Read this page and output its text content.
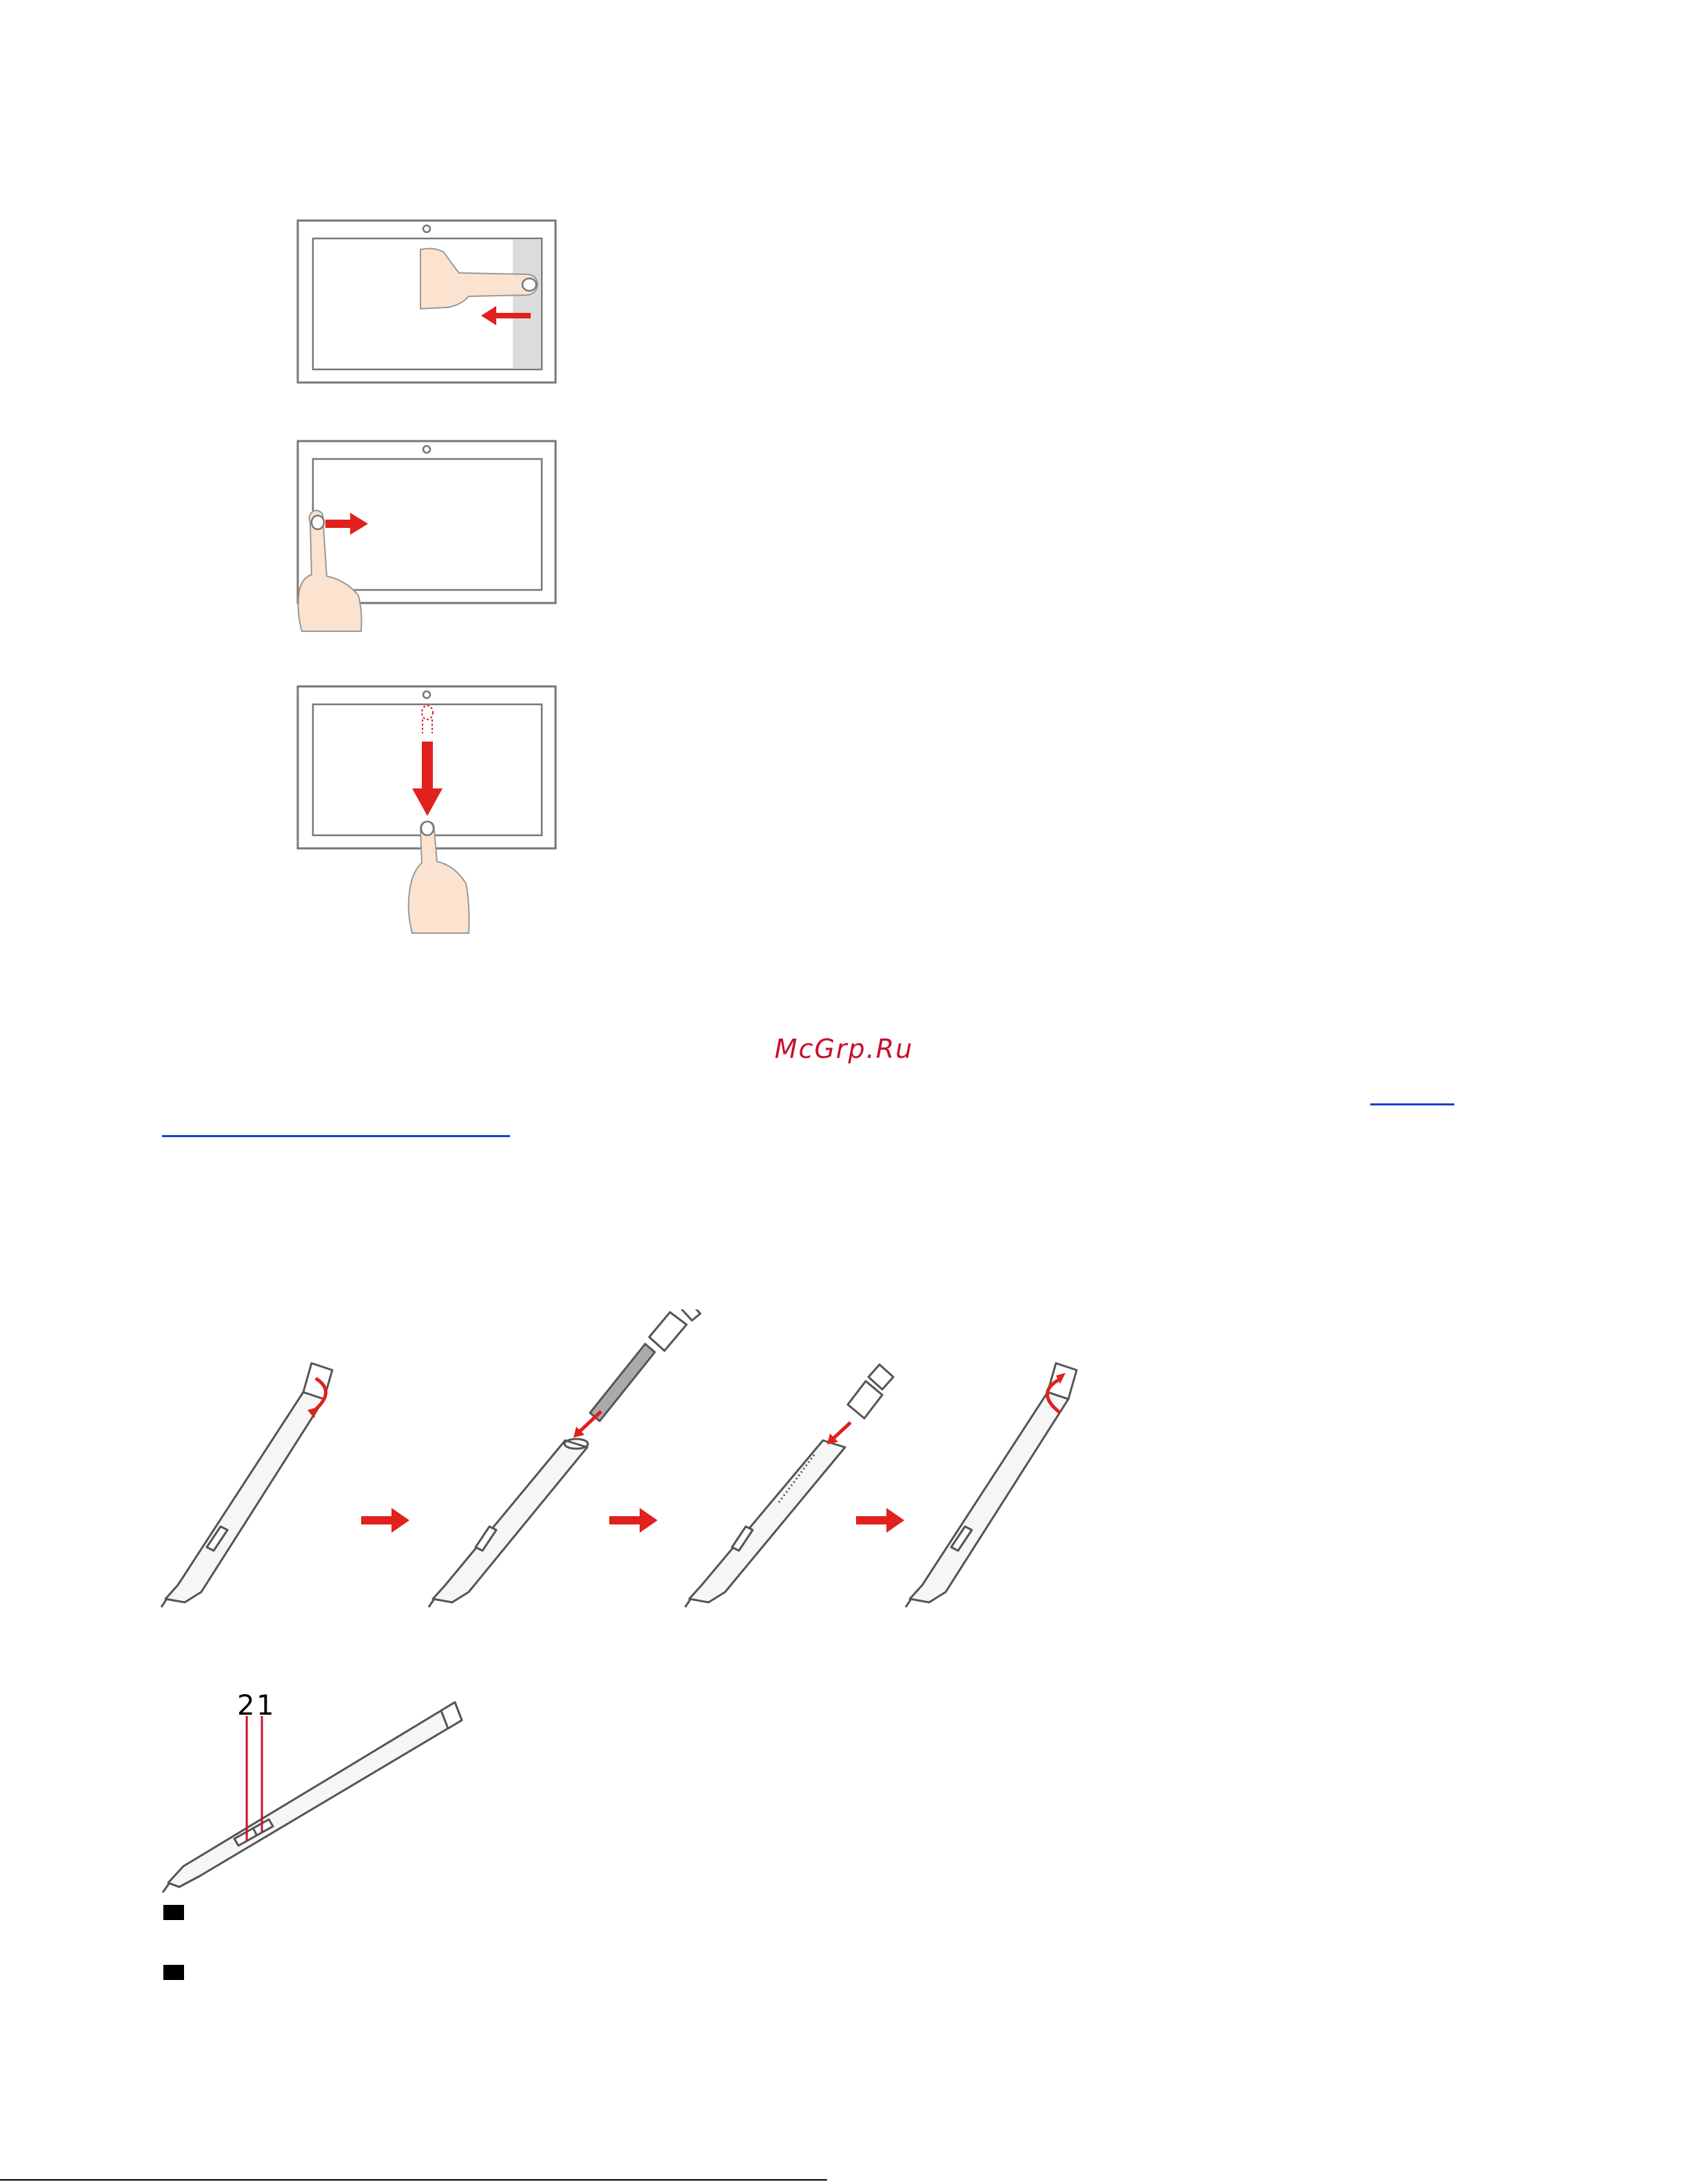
McGrp.Ru
2 1
